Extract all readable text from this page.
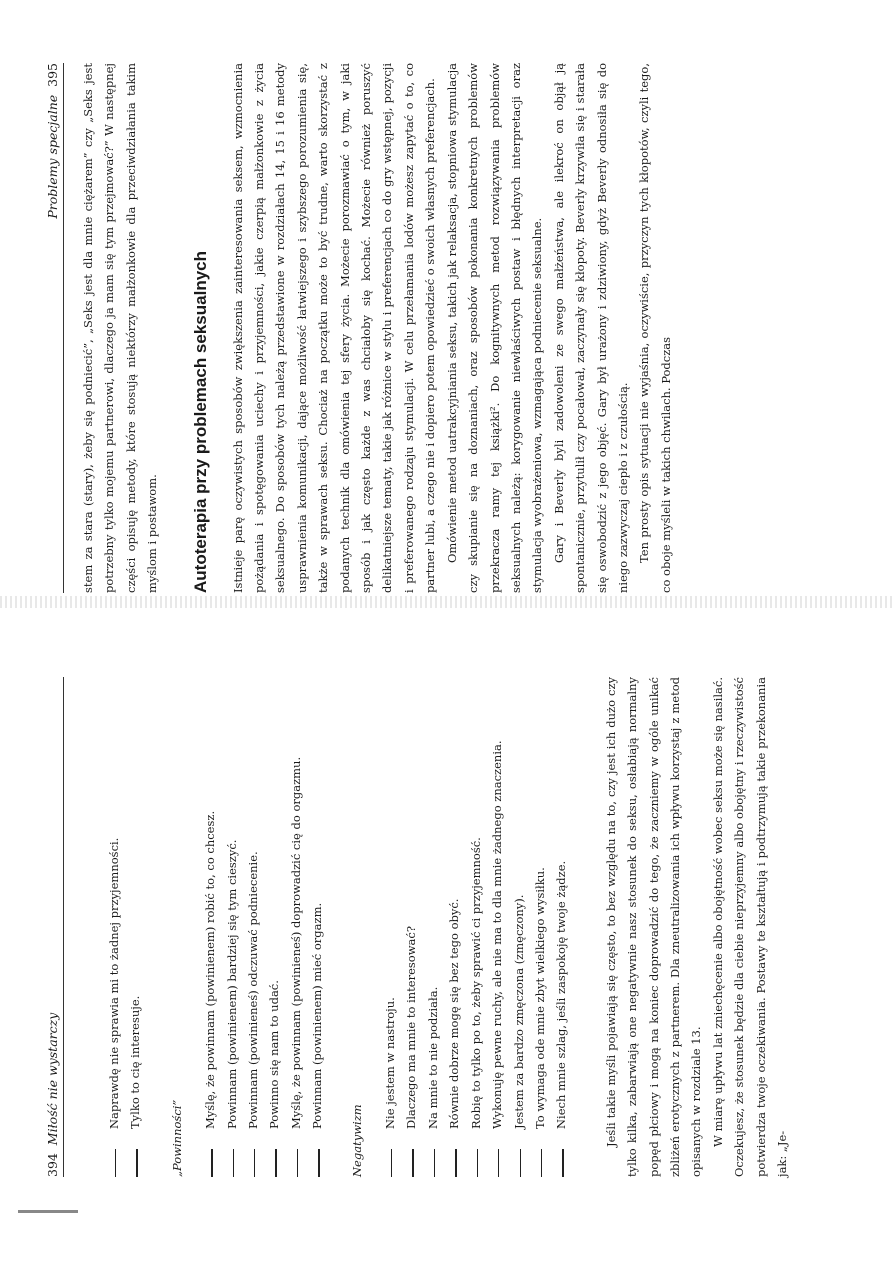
394  Miłość nie wystarczy	Naprawdę nie sprawia mi to żadnej przyjemności. Tylko to cię interesuje.

„Powinności”

Myślę, że powinnam (powinienem) robić to, co chcesz. Powinnam (powinienem) bardziej się tym cieszyć. Powinnam (powinieneś) odczuwać podniecenie. Powinno się nam to udać. Myślę, że powinnam (powinieneś) doprowadzić cię do orgazmu. Powinnam (powinienem) mieć orgazm.

Negatywizm

Nie jestem w nastroju. Dlaczego ma mnie to interesować? Na mnie to nie podziała. Równie dobrze mogę się bez tego obyć. Robię to tylko po to, żeby sprawić ci przyjemność. Wykonuję pewne ruchy, ale nie ma to dla mnie żadnego znaczenia. Jestem za bardzo zmęczona (zmęczony). To wymaga ode mnie zbyt wielkiego wysiłku. Niech mnie szlag, jeśli zaspokoję twoje żądze.	Jeśli takie myśli pojawiają się często, to bez względu na to, czy jest ich dużo czy tylko kilka, zabarwiają one negatywnie nasz stosunek do seksu, osłabiają normalny popęd płciowy i mogą na koniec doprowadzić do tego, że zaczniemy w ogóle unikać zbliżeń erotycznych z partnerem. Dla zneutralizowania ich wpływu korzystaj z metod opisanych w rozdziale 13. W miarę upływu lat zniechęcenie albo obojętność wobec seksu może się nasilać. Oczekujesz, że stosunek będzie dla ciebie nieprzyjemny albo obojętny i rzeczywistość potwierdza twoje oczekiwania. Postawy te kształtują i podtrzymują takie przekonania jak: „Je-

Problemy specjalne  395 stem za stara (stary), żeby się podniecić”, „Seks jest dla mnie ciężarem” czy „Seks jest potrzebny tylko mojemu partnerowi, dlaczego ja mam się tym przejmować?” W następnej części opisuję metody, które stosują niektórzy małżonkowie dla przeciwdziałania takim myślom i postawom. Autoterapia przy problemach seksualnych Istnieje parę oczywistych sposobów zwiększenia zainteresowania seksem, wzmocnienia pożądania i spotęgowania uciechy i przyjemności, jakie czerpią małżonkowie z życia seksualnego. Do sposobów tych należą przedstawione w rozdziałach 14, 15 i 16 metody usprawnienia komunikacji, dające możliwość łatwiejszego i szybszego porozumienia się, także w sprawach seksu. Chociaż na początku może to być trudne, warto skorzystać z podanych technik dla omówienia tej sfery życia. Możecie porozmawiać o tym, w jaki sposób i jak często każde z was chciałoby się kochać. Możecie również poruszyć delikatniejsze tematy, takie jak różnice w stylu i preferencjach co do gry wstępnej, pozycji i preferowanego rodzaju stymulacji. W celu przełamania lodów możesz zapytać o to, co partner lubi, a czego nie i dopiero potem opowiedzieć o swoich własnych preferencjach. Omówienie metod uatrakcyjniania seksu, takich jak relaksacja, stopniowa stymulacja czy skupianie się na doznaniach, oraz sposobów pokonania konkretnych problemów przekracza ramy tej książki². Do kognitywnych metod rozwiązywania problemów seksualnych należą: korygowanie niewłaściwych postaw i błędnych interpretacji oraz stymulacja wyobrażeniowa, wzmagająca podniecenie seksualne. Gary i Beverly byli zadowoleni ze swego małżeństwa, ale ilekroć on objął ją spontanicznie, przytulił czy pocałował, zaczynały się kłopoty. Beverly krzywiła się i starała się oswobodzić z jego objęć. Gary był urażony i zdziwiony, gdyż Beverly odnosiła się do niego zazwyczaj ciepło i z czułością. Ten prosty opis sytuacji nie wyjaśnia, oczywiście, przyczyn tych kłopotów, czyli tego, co oboje myśleli w takich chwilach. Podczas
